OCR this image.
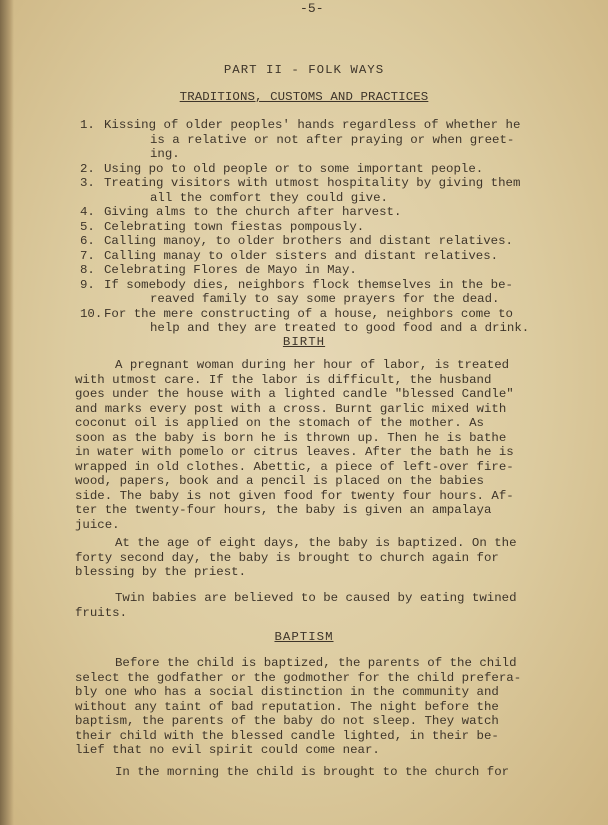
-5-
PART II - FOLK WAYS
TRADITIONS, CUSTOMS AND PRACTICES
1. Kissing of older peoples' hands regardless of whether he
is a relative or not after praying or when greet-
ing.
2. Using po to old people or to some important people.
3. Treating visitors with utmost hospitality by giving them
all the comfort they could give.
4. Giving alms to the church after harvest.
5. Celebrating town fiestas pompously.
6. Calling manoy, to older brothers and distant relatives.
7. Calling manay to older sisters and distant relatives.
8. Celebrating Flores de Mayo in May.
9. If somebody dies, neighbors flock themselves in the be-
reaved family to say some prayers for the dead.
10. For the mere constructing of a house, neighbors come to
help and they are treated to good food and a drink.
BIRTH
A pregnant woman during her hour of labor, is treated
with utmost care. If the labor is difficult, the husband
goes under the house with a lighted candle "blessed Candle"
and marks every post with a cross. Burnt garlic mixed with
coconut oil is applied on the stomach of the mother. As
soon as the baby is born he is thrown up. Then he is bathe
in water with pomelo or citrus leaves. After the bath he is
wrapped in old clothes. Abettic, a piece of left-over fire-
wood, papers, book and a pencil is placed on the babies
side. The baby is not given food for twenty four hours. Af-
ter the twenty-four hours, the baby is given an ampalaya
juice.
At the age of eight days, the baby is baptized. On the
forty second day, the baby is brought to church again for
blessing by the priest.
Twin babies are believed to be caused by eating twined
fruits.
BAPTISM
Before the child is baptized, the parents of the child
select the godfather or the godmother for the child prefera-
bly one who has a social distinction in the community and
without any taint of bad reputation. The night before the
baptism, the parents of the baby do not sleep. They watch
their child with the blessed candle lighted, in their be-
lief that no evil spirit could come near.
In the morning the child is brought to the church for
